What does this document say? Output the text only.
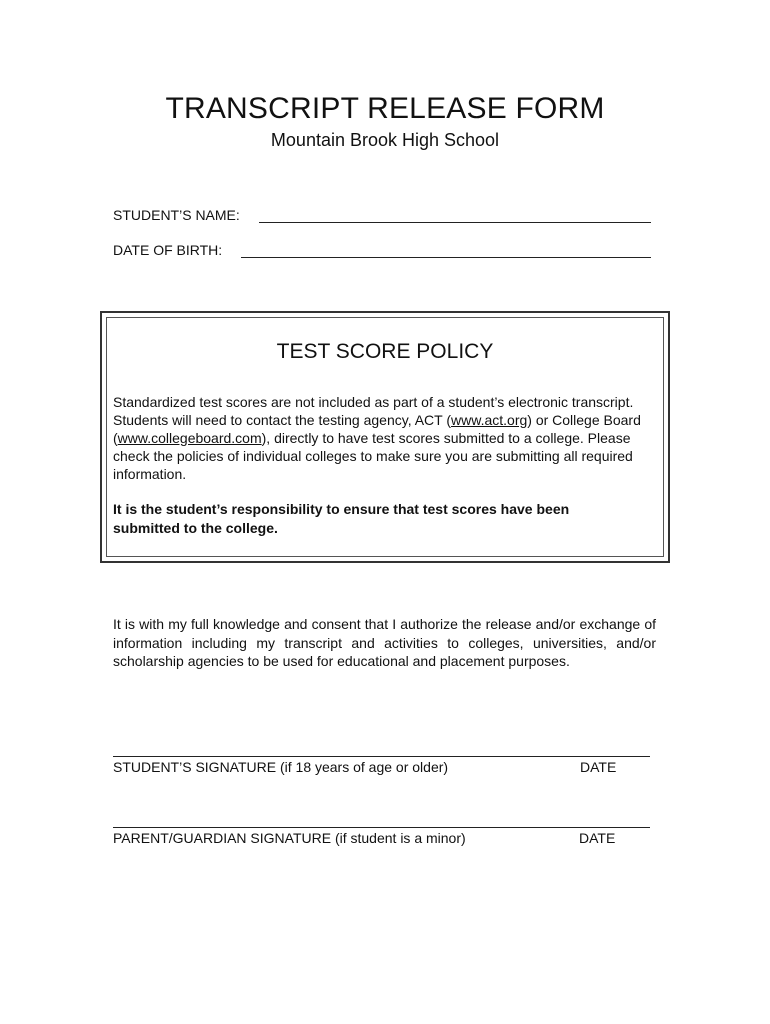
TRANSCRIPT RELEASE FORM
Mountain Brook High School
STUDENT’S NAME:
DATE OF BIRTH:
TEST SCORE POLICY
Standardized test scores are not included as part of a student’s electronic transcript. Students will need to contact the testing agency, ACT (www.act.org) or College Board (www.collegeboard.com), directly to have test scores submitted to a college. Please check the policies of individual colleges to make sure you are submitting all required information.
It is the student’s responsibility to ensure that test scores have been submitted to the college.
It is with my full knowledge and consent that I authorize the release and/or exchange of information including my transcript and activities to colleges, universities, and/or scholarship agencies to be used for educational and placement purposes.
STUDENT’S SIGNATURE (if 18 years of age or older)	DATE
PARENT/GUARDIAN SIGNATURE (if student is a minor)	DATE
